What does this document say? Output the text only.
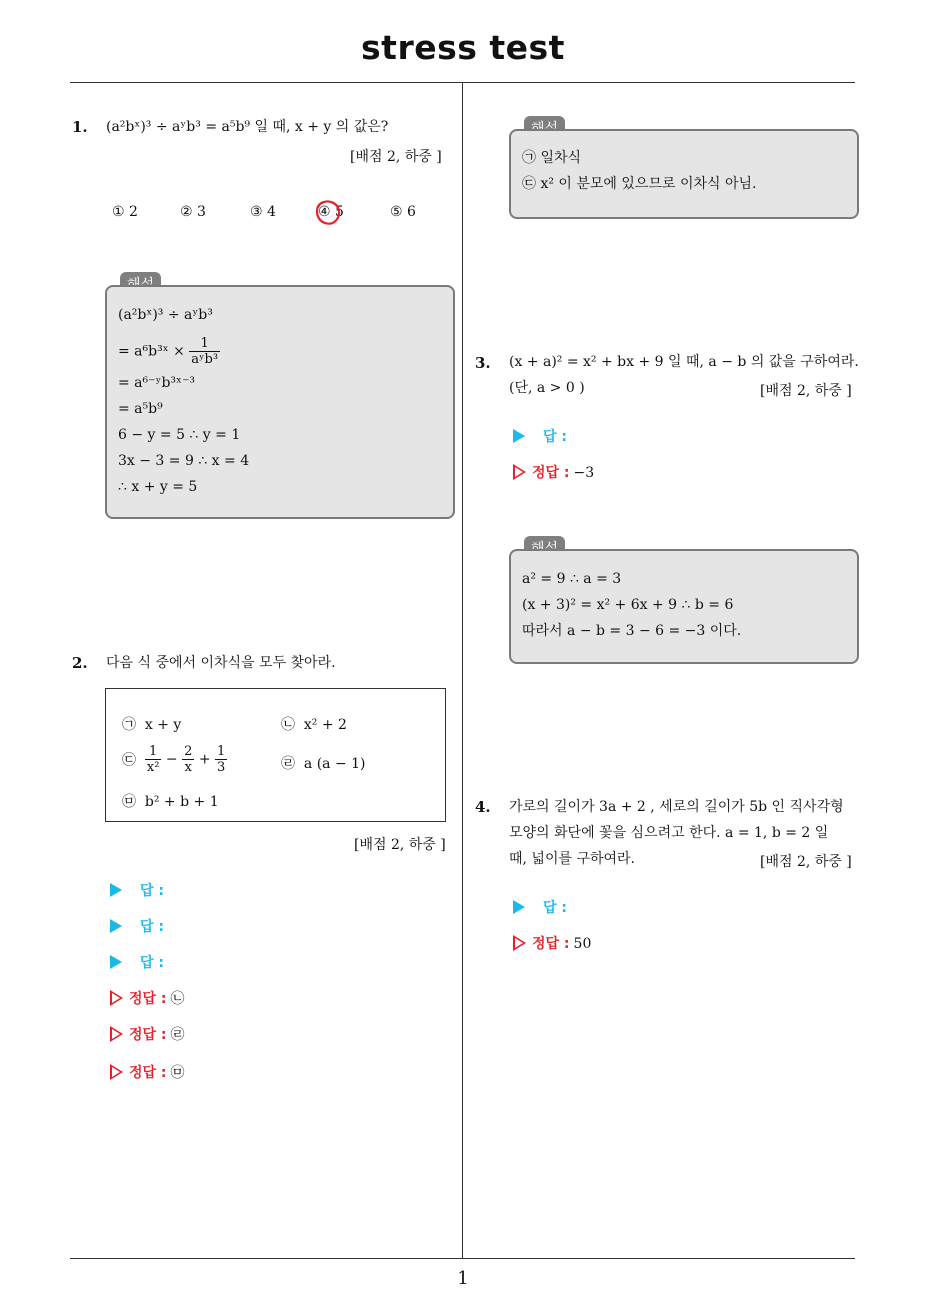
stress test
1
1. (a²bˣ)³ ÷ aʸb³ = a⁵b⁹ 일 때, x + y 의 값은?
[배점 2, 하중 ]
① 2	② 3	③ 4	④ 5	⑤ 6
(a²bˣ)³ ÷ aʸb³
= a⁶b³ˣ × $\frac{1}{\text{aʸb³}}$
= a⁶⁻ʸb³ˣ⁻³
= a⁵b⁹
6 − y = 5 ∴ y = 1
3x − 3 = 9 ∴ x = 4
∴ x + y = 5
2. 다음 식 중에서 이차식을 모두 찾아라.
㉠ x + y	㉡ x² + 2
㉢ $\frac{1}{\text{x²}} - \frac{2}{x} + \frac{1}{3}$	㉣ a (a − 1)
㉤ b² + b + 1
[배점 2, 하중 ]
답 :
답 :
답 :
정답 : ㉡
정답 : ㉣
정답 : ㉤
㉠ 일차식
㉢ x² 이 분모에 있으므로 이차식 아님.
3. (x + a)² = x² + bx + 9 일 때, a − b 의 값을 구하여라.
(단, a > 0 )	[배점 2, 하중 ]
답 :
정답 : −3
a² = 9 ∴ a = 3
(x + 3)² = x² + 6x + 9 ∴ b = 6
따라서 a − b = 3 − 6 = −3 이다.
4. 가로의 길이가 3a + 2 , 세로의 길이가 5b 인 직사각형
모양의 화단에 꽃을 심으려고 한다. a = 1, b = 2 일
때, 넓이를 구하여라.	[배점 2, 하중 ]
답 :
정답 : 50
